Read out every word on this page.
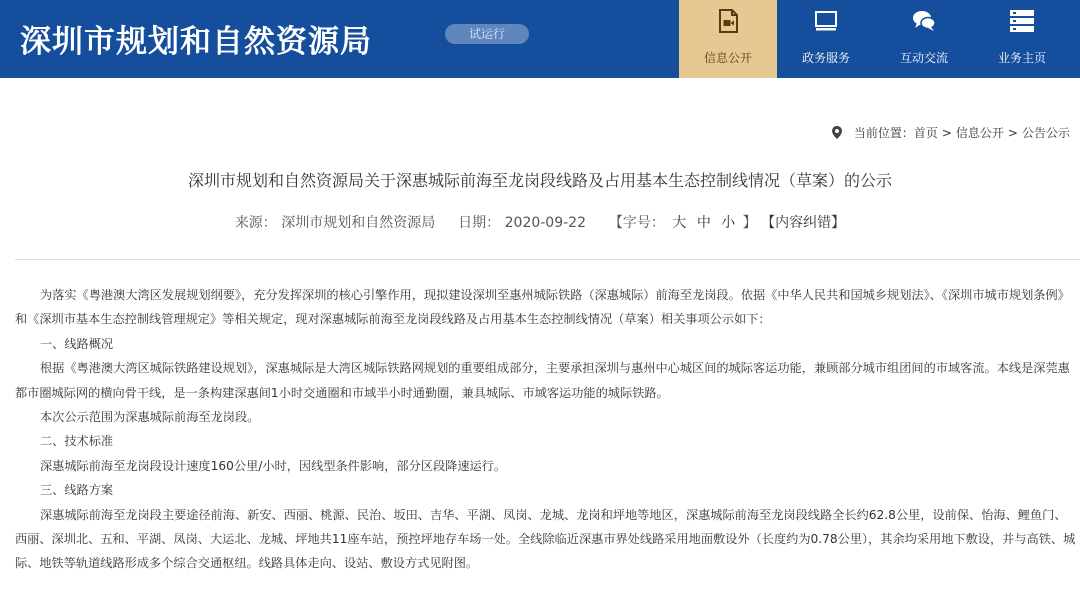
深圳市规划和自然资源局	试运行
信息公开	政务服务	互动交流	业务主页
当前位置： 首页 > 信息公开 > 公告公示
深圳市规划和自然资源局关于深惠城际前海至龙岗段线路及占用基本生态控制线情况（草案）的公示
来源： 深圳市规划和自然资源局 日期： 2020-09-22 【字号： 大 中 小 】 【内容纠错】

为落实《粤港澳大湾区发展规划纲要》，充分发挥深圳的核心引擎作用，现拟建设深圳至惠州城际铁路（深惠城际）前海至龙岗段。依据《中华人民共和国城乡规划法》、《深圳市城市规划条例》和《深圳市基本生态控制线管理规定》等相关规定，现对深惠城际前海至龙岗段线路及占用基本生态控制线情况（草案）相关事项公示如下：

一、线路概况

根据《粤港澳大湾区城际铁路建设规划》，深惠城际是大湾区城际铁路网规划的重要组成部分，主要承担深圳与惠州中心城区间的城际客运功能，兼顾部分城市组团间的市域客流。本线是深莞惠都市圈城际网的横向骨干线，是一条构建深惠间1小时交通圈和市域半小时通勤圈，兼具城际、市域客运功能的城际铁路。

本次公示范围为深惠城际前海至龙岗段。

二、技术标准

深惠城际前海至龙岗段设计速度160公里/小时，因线型条件影响，部分区段降速运行。

三、线路方案

深惠城际前海至龙岗段主要途径前海、新安、西丽、桃源、民治、坂田、吉华、平湖、凤岗、龙城、龙岗和坪地等地区，深惠城际前海至龙岗段线路全长约62.8公里，设前保、怡海、鲤鱼门、西丽、深圳北、五和、平湖、凤岗、大运北、龙城、坪地共11座车站，预控坪地存车场一处。全线除临近深惠市界处线路采用地面敷设外（长度约为0.78公里），其余均采用地下敷设，并与高铁、城际、地铁等轨道线路形成多个综合交通枢纽。线路具体走向、设站、敷设方式见附图。
